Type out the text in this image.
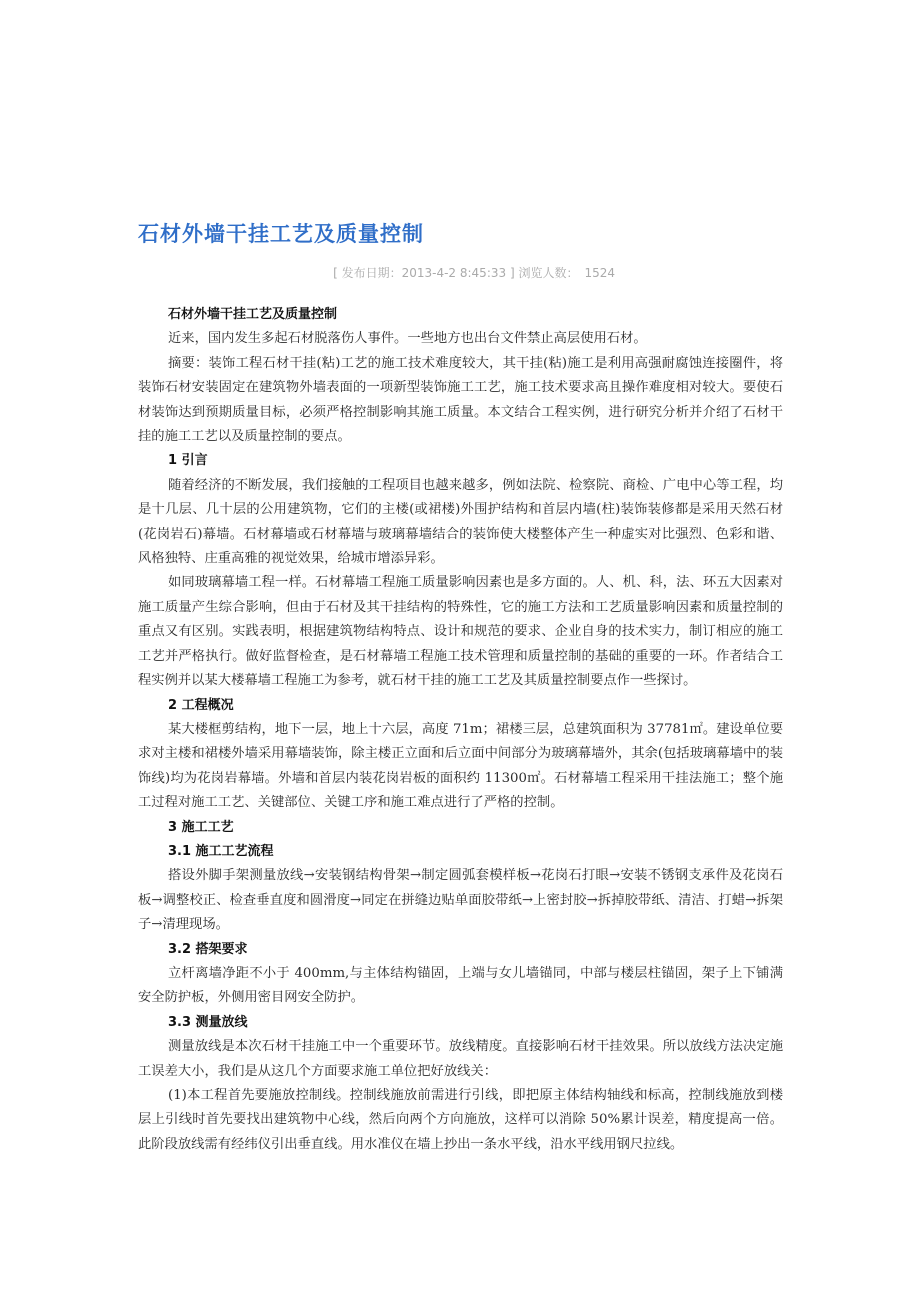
石材外墙干挂工艺及质量控制
[ 发布日期：2013-4-2 8:45:33 ] 浏览人数： 1524

石材外墙干挂工艺及质量控制

近来，国内发生多起石材脱落伤人事件。一些地方也出台文件禁止高层使用石材。

摘要：装饰工程石材干挂(粘)工艺的施工技术难度较大，其干挂(粘)施工是利用高强耐腐蚀连接圈件，将装饰石材安装固定在建筑物外墙表面的一项新型装饰施工工艺，施工技术要求高且操作难度相对较大。要使石材装饰达到预期质量目标，必须严格控制影响其施工质量。本文结合工程实例，进行研究分析并介绍了石材干挂的施工工艺以及质量控制的要点。

1 引言

随着经济的不断发展，我们接触的工程项目也越来越多，例如法院、检察院、商检、广电中心等工程，均是十几层、几十层的公用建筑物，它们的主楼(或裙楼)外围护结构和首层内墙(柱)装饰装修都是采用天然石材(花岗岩石)幕墙。石材幕墙或石材幕墙与玻璃幕墙结合的装饰使大楼整体产生一种虚实对比强烈、色彩和谐、风格独特、庄重高雅的视觉效果，给城市增添异彩。

如同玻璃幕墙工程一样。石材幕墙工程施工质量影响因素也是多方面的。人、机、科，法、环五大因素对施工质量产生综合影响，但由于石材及其干挂结构的特殊性，它的施工方法和工艺质量影响因素和质量控制的重点又有区别。实践表明，根据建筑物结构特点、设计和规范的要求、企业自身的技术实力，制订相应的施工工艺并严格执行。做好监督检查，是石材幕墙工程施工技术管理和质量控制的基础的重要的一环。作者结合工程实例并以某大楼幕墙工程施工为参考，就石材干挂的施工工艺及其质量控制要点作一些探讨。

2 工程概况

某大楼框剪结构，地下一层，地上十六层，高度 71m；裙楼三层，总建筑面积为 37781㎡。建设单位要求对主楼和裙楼外墙采用幕墙装饰，除主楼正立面和后立面中间部分为玻璃幕墙外，其余(包括玻璃幕墙中的装饰线)均为花岗岩幕墙。外墙和首层内装花岗岩板的面积约 11300㎡。石材幕墙工程采用干挂法施工；整个施工过程对施工工艺、关键部位、关键工序和施工难点进行了严格的控制。

3 施工工艺

3.1 施工工艺流程

搭设外脚手架测量放线→安装钢结构骨架→制定圆弧套模样板→花岗石打眼→安装不锈钢支承件及花岗石板→调整校正、检查垂直度和圆滑度→同定在拼缝边贴单面胶带纸→上密封胶→拆掉胶带纸、清洁、打蜡→拆架子→清理现场。

3.2 搭架要求

立杆离墙净距不小于 400mm,与主体结构锚固，上端与女儿墙锚同，中部与楼层柱锚固，架子上下铺满安全防护板，外侧用密目网安全防护。

3.3 测量放线

测量放线是本次石材干挂施工中一个重要环节。放线精度。直接影响石材干挂效果。所以放线方法决定施工误差大小，我们是从这几个方面要求施工单位把好放线关：

(1)本工程首先要施放控制线。控制线施放前需进行引线，即把原主体结构轴线和标高，控制线施放到楼层上引线时首先要找出建筑物中心线，然后向两个方向施放，这样可以消除 50%累计误差，精度提高一倍。此阶段放线需有经纬仪引出垂直线。用水准仪在墙上抄出一条水平线，沿水平线用钢尺拉线。
